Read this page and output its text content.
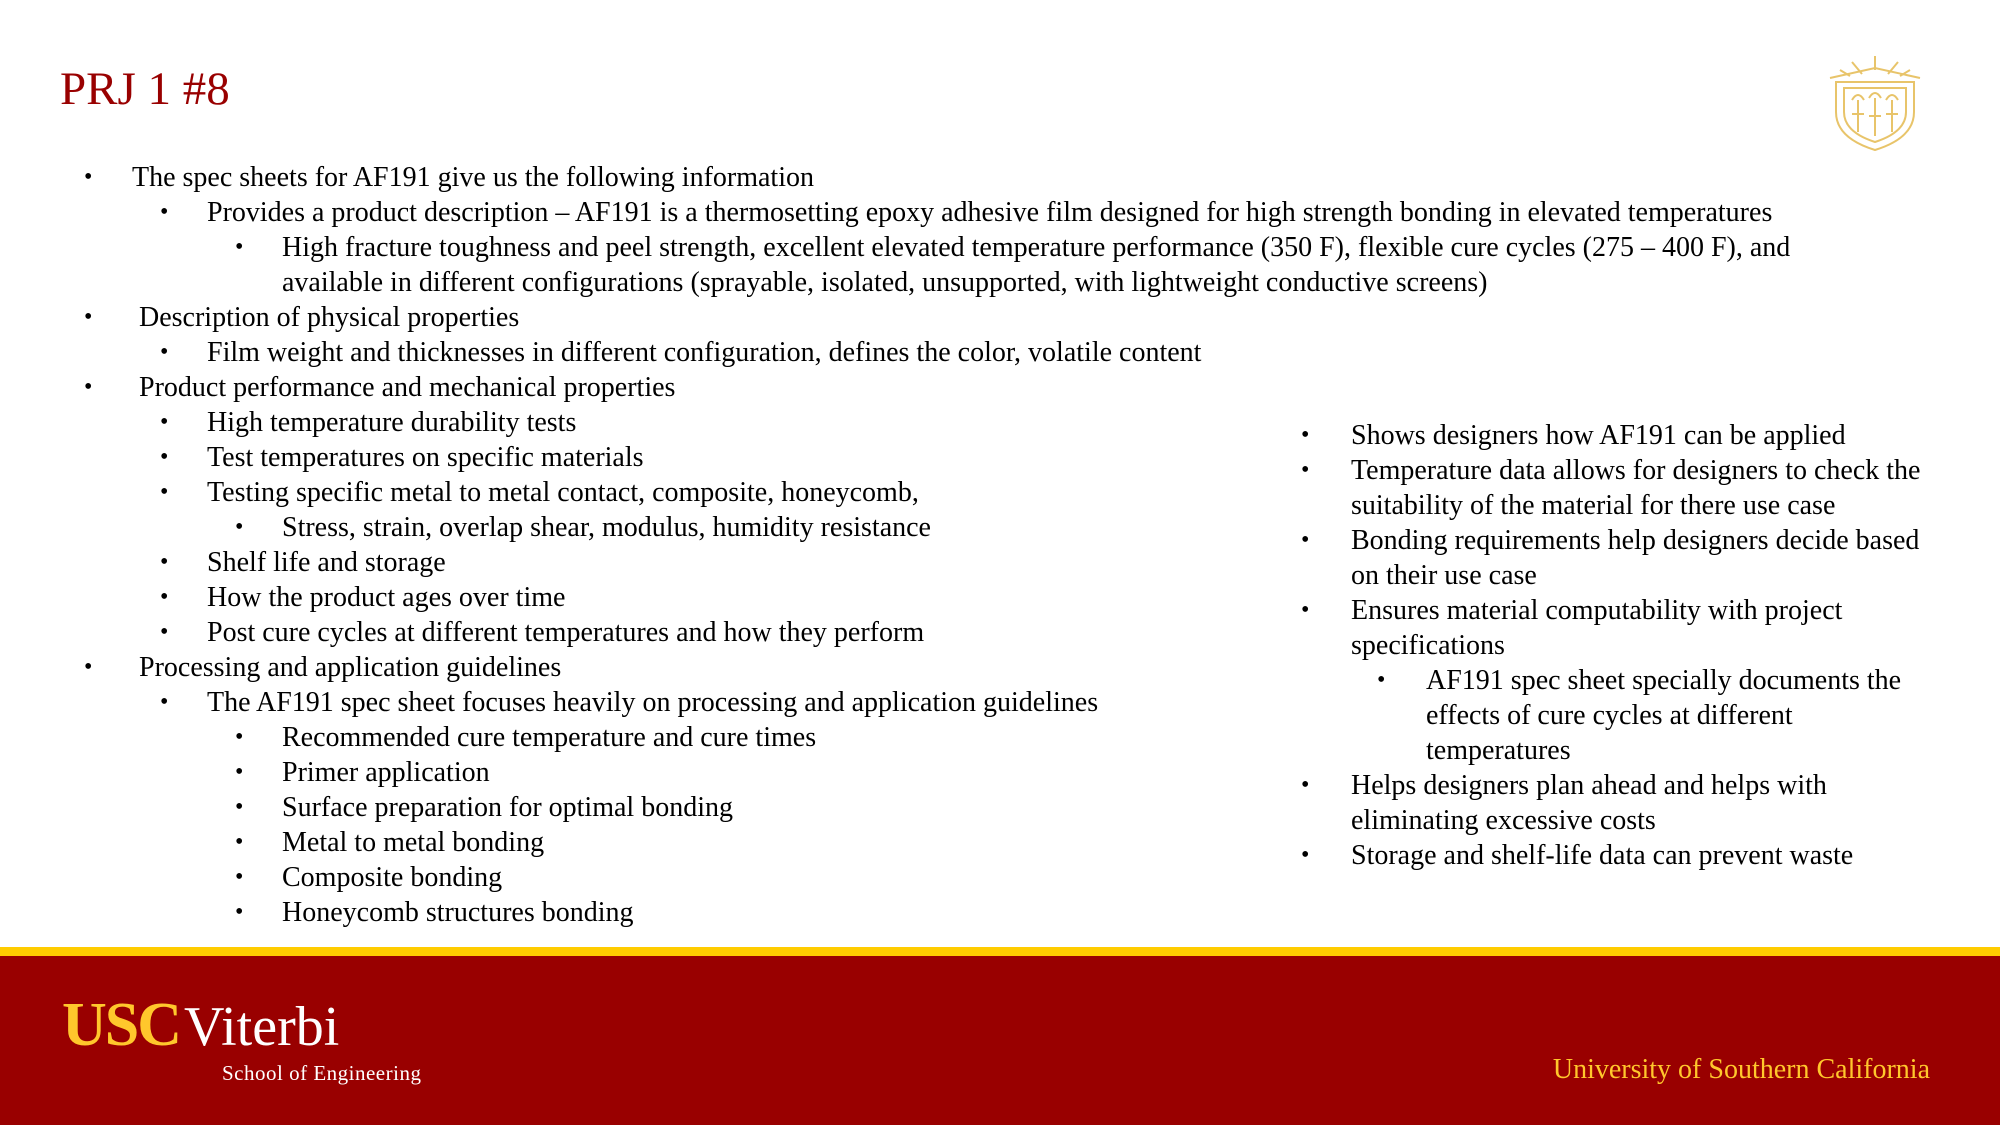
PRJ 1 #8
• The spec sheets for AF191 give us the following information
• Provides a product description – AF191 is a thermosetting epoxy adhesive film designed for high strength bonding in elevated temperatures
• High fracture toughness and peel strength, excellent elevated temperature performance (350 F), flexible cure cycles (275 – 400 F), and available in different configurations (sprayable, isolated, unsupported, with lightweight conductive screens)
• Description of physical properties
• Film weight and thicknesses in different configuration, defines the color, volatile content
• Product performance and mechanical properties
• High temperature durability tests
• Test temperatures on specific materials
• Testing specific metal to metal contact, composite, honeycomb,
• Stress, strain, overlap shear, modulus, humidity resistance
• Shelf life and storage
• How the product ages over time
• Post cure cycles at different temperatures and how they perform
• Processing and application guidelines
• The AF191 spec sheet focuses heavily on processing and application guidelines
• Recommended cure temperature and cure times
• Primer application
• Surface preparation for optimal bonding
• Metal to metal bonding
• Composite bonding
• Honeycomb structures bonding
• Shows designers how AF191 can be applied
• Temperature data allows for designers to check the suitability of the material for there use case
• Bonding requirements help designers decide based on their use case
• Ensures material computability with project specifications
• AF191 spec sheet specially documents the effects of cure cycles at different temperatures
• Helps designers plan ahead and helps with eliminating excessive costs
• Storage and shelf-life data can prevent waste
USCViterbi
School of Engineering	University of Southern California
